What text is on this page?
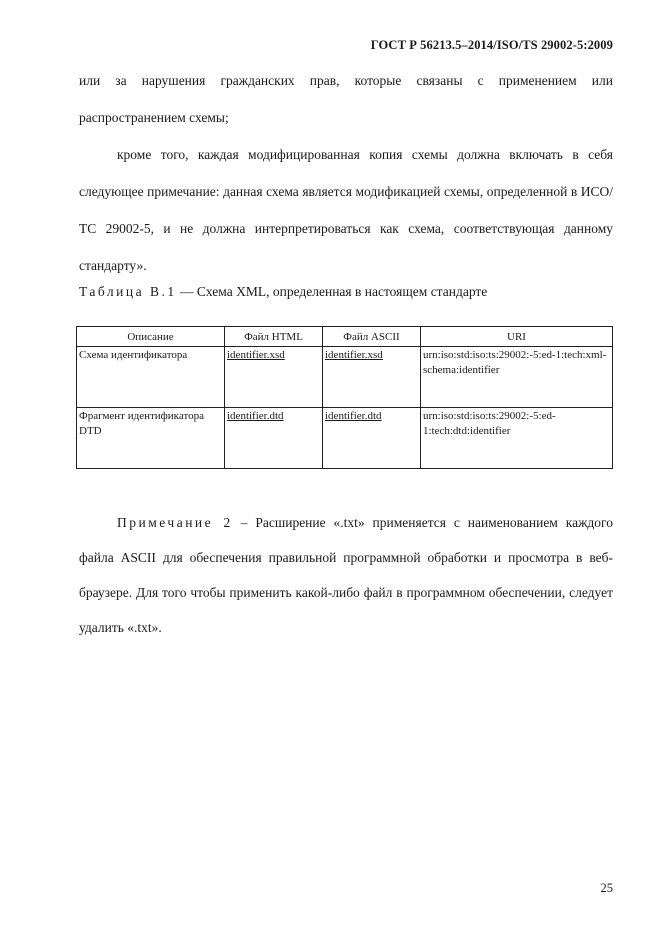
ГОСТ Р 56213.5–2014/ISO/TS 29002-5:2009

или за нарушения гражданских прав, которые связаны с применением или распространением схемы;

кроме того, каждая модифицированная копия схемы должна включать в себя следующее примечание: данная схема является модификацией схемы, определенной в ИСО/ТС 29002-5, и не должна интерпретироваться как схема, соответствующая данному стандарту».

Таблица В.1 — Схема XML, определенная в настоящем стандарте
Описание	Файл HTML	Файл ASCII	URI
Схема идентификатора	identifier.xsd	identifier.xsd	urn:iso:std:iso:ts:29002:-5:ed-1:tech:xml-schema:identifier
Фрагмент идентификатора DTD	identifier.dtd	identifier.dtd	urn:iso:std:iso:ts:29002:-5:ed-1:tech:dtd:identifier

Примечание 2 – Расширение «.txt» применяется с наименованием каждого файла ASCII для обеспечения правильной программной обработки и просмотра в веб-браузере. Для того чтобы применить какой-либо файл в программном обеспечении, следует удалить «.txt».

25
